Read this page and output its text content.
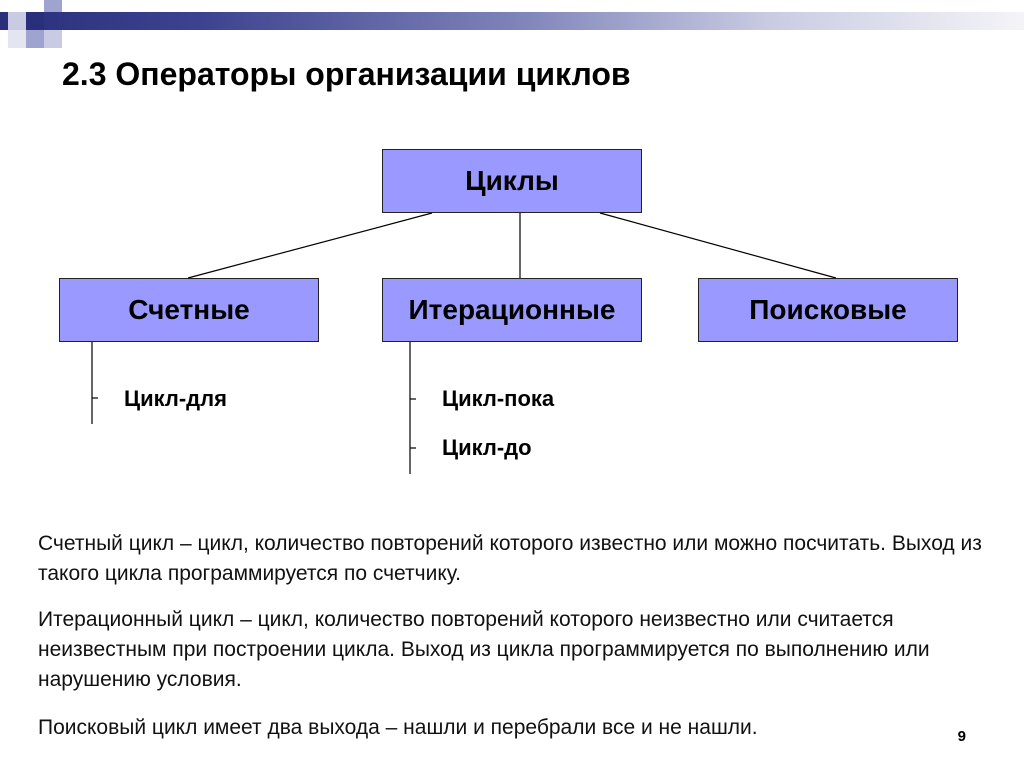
2.3 Операторы организации циклов
Циклы
Счетные	Итерационные	Поисковые
Цикл-для	Цикл-пока
Цикл-до
Счетный цикл – цикл, количество повторений которого известно или можно посчитать. Выход из такого цикла программируется по счетчику.
Итерационный цикл – цикл, количество повторений которого неизвестно или считается неизвестным при построении цикла. Выход из цикла программируется по выполнению или нарушению условия.
Поисковый цикл имеет два выхода – нашли и перебрали все и не нашли.	9
